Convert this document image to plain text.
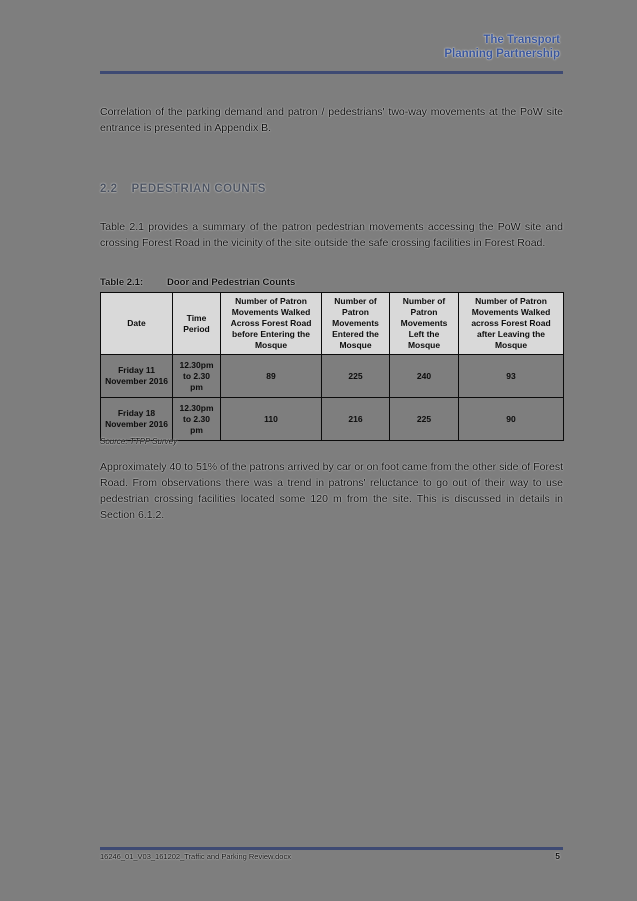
The Transport
Planning Partnership
Correlation of the parking demand and patron / pedestrians' two-way movements at the PoW site entrance is presented in Appendix B.
2.2 PEDESTRIAN COUNTS
Table 2.1 provides a summary of the patron pedestrian movements accessing the PoW site and crossing Forest Road in the vicinity of the site outside the safe crossing facilities in Forest Road.
Table 2.1:	Door and Pedestrian Counts
Date	Time Period	Number of Patron Movements Walked Across Forest Road before Entering the Mosque	Number of Patron Movements Entered the Mosque	Number of Patron Movements Left the Mosque	Number of Patron Movements Walked across Forest Road after Leaving the Mosque
Friday 11 November 2016	12.30pm to 2.30 pm	89	225	240	93
Friday 18 November 2016	12.30pm to 2.30 pm	110	216	225	90
Source: TTPP Survey
Approximately 40 to 51% of the patrons arrived by car or on foot came from the other side of Forest Road. From observations there was a trend in patrons' reluctance to go out of their way to use pedestrian crossing facilities located some 120 m from the site. This is discussed in details in Section 6.1.2.
16246_01_V03_161202_Traffic and Parking Review.docx	5
